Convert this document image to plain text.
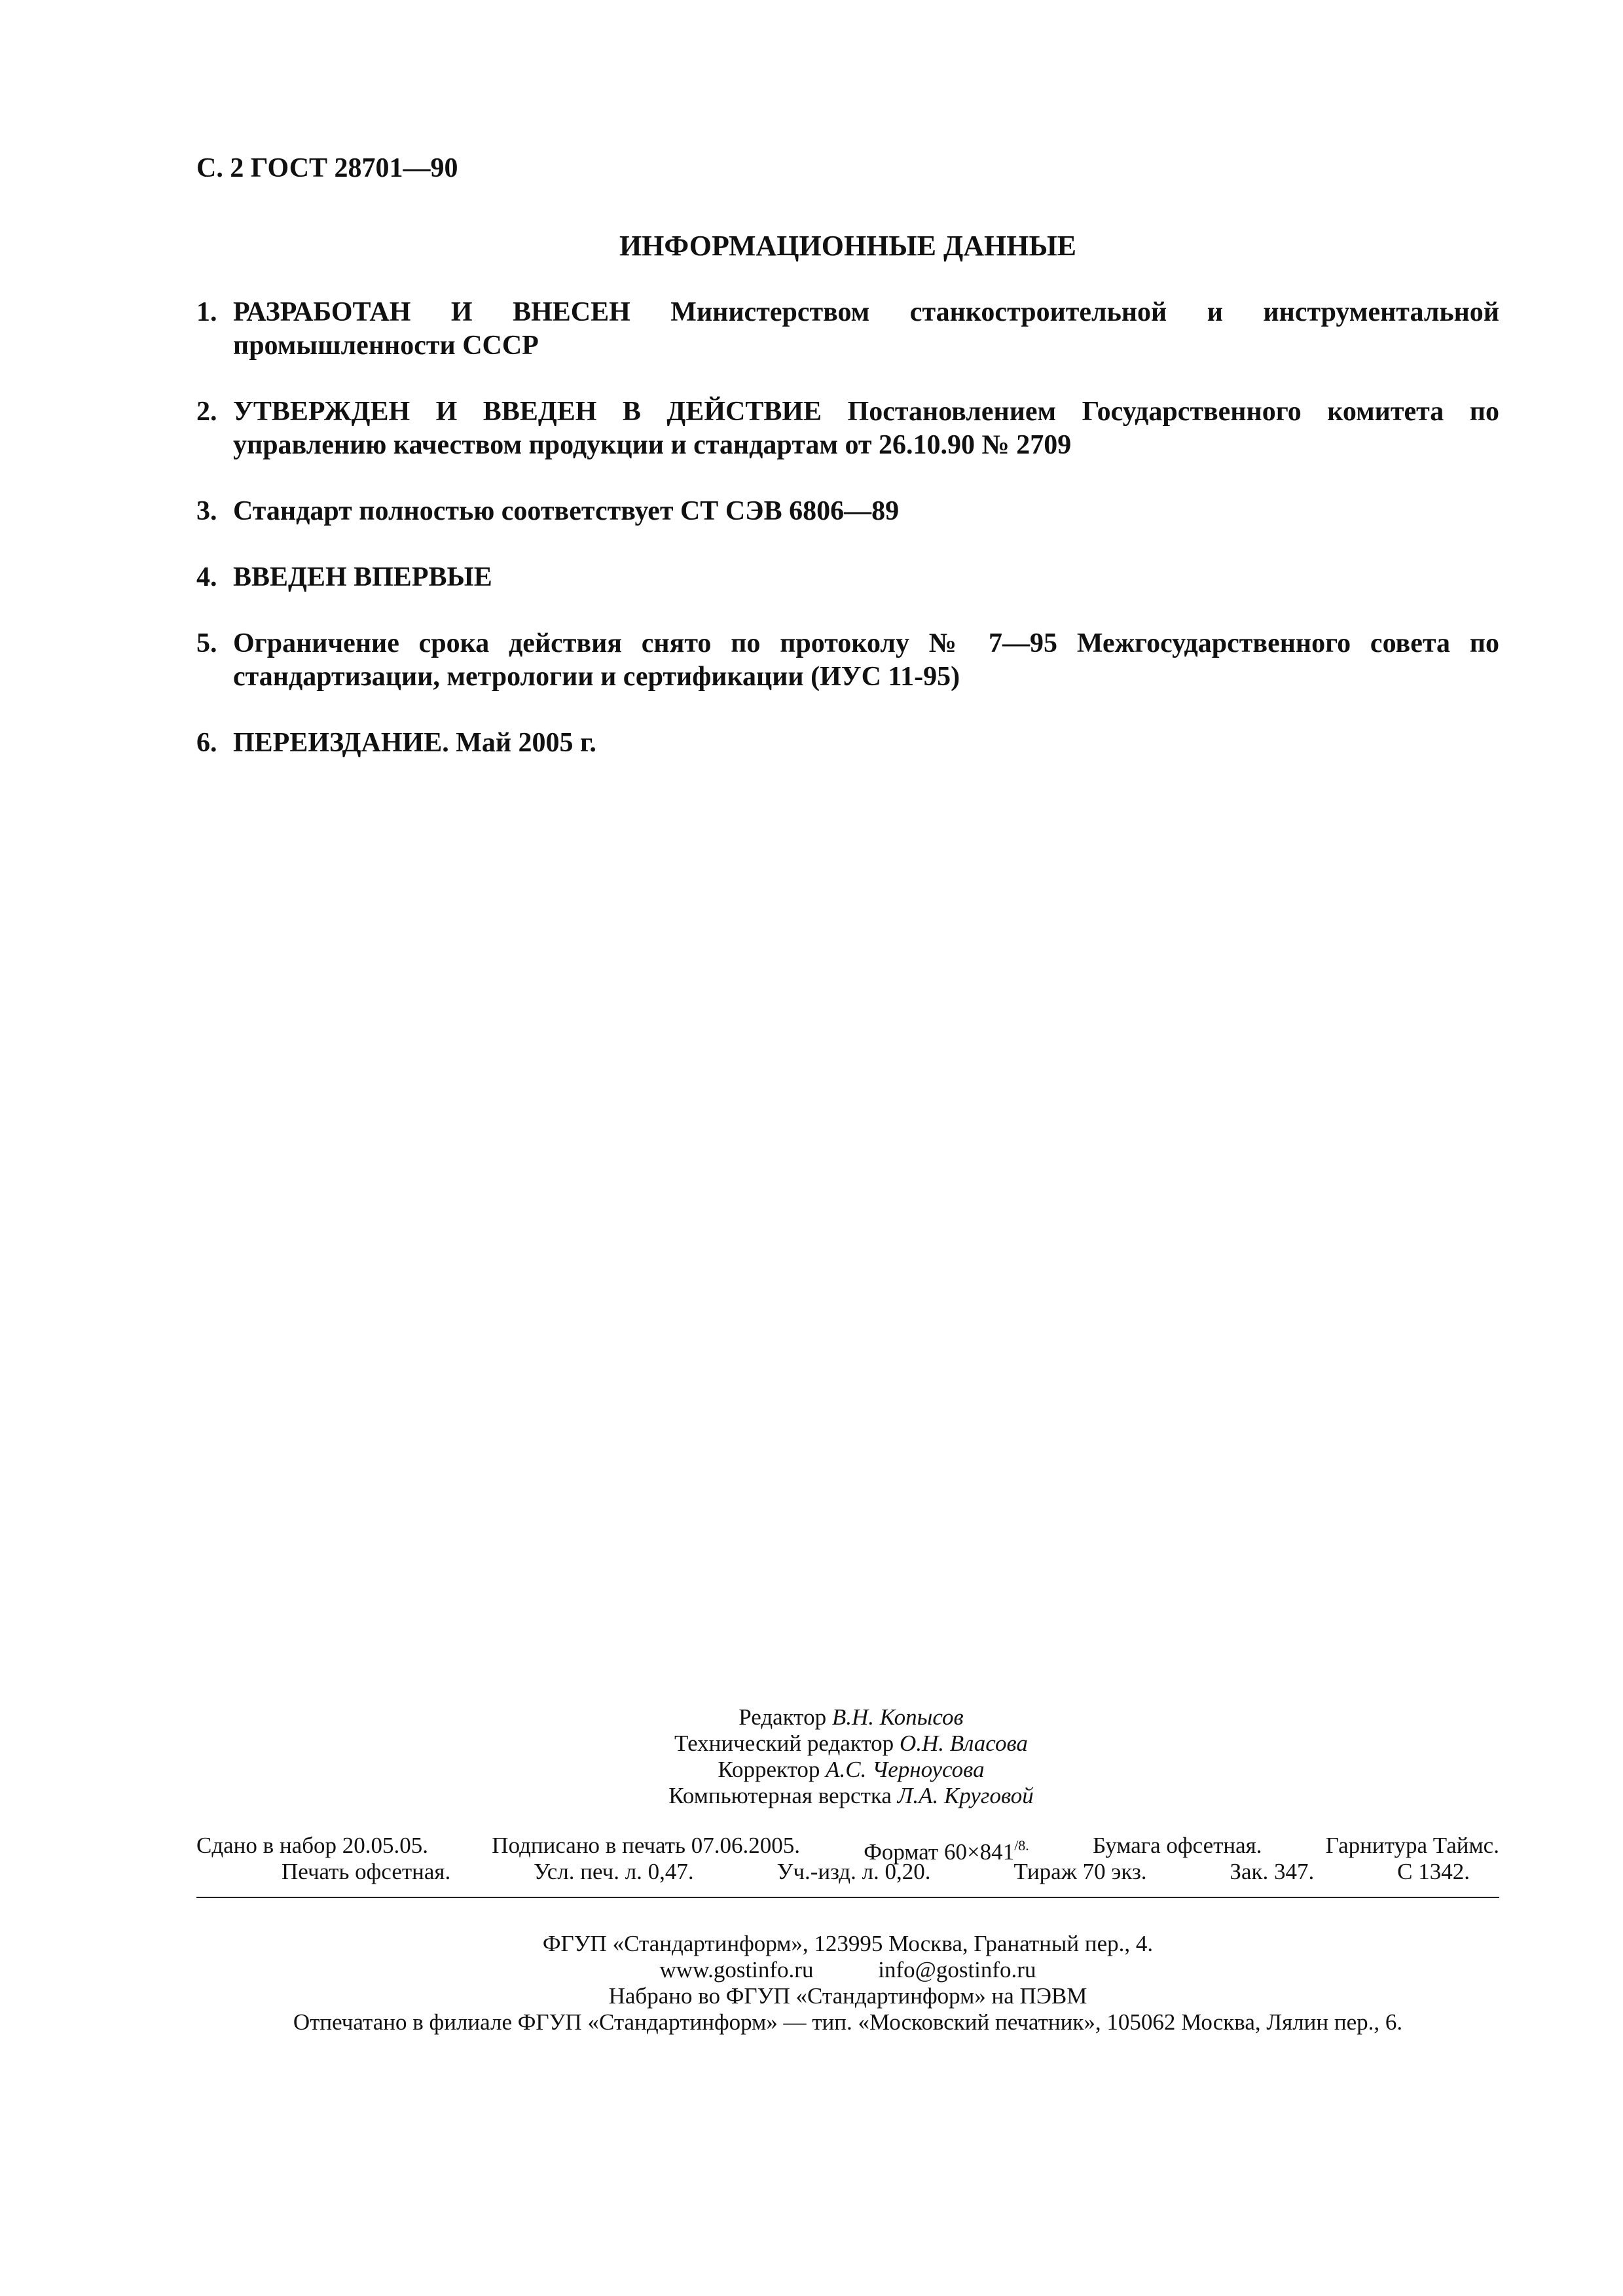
С. 2 ГОСТ 28701—90
ИНФОРМАЦИОННЫЕ ДАННЫЕ
1. РАЗРАБОТАН И ВНЕСЕН Министерством станкостроительной и инструментальной промышленности СССР
2. УТВЕРЖДЕН И ВВЕДЕН В ДЕЙСТВИЕ Постановлением Государственного комитета по управлению качеством продукции и стандартам от 26.10.90 № 2709
3. Стандарт полностью соответствует СТ СЭВ 6806—89
4. ВВЕДЕН ВПЕРВЫЕ
5. Ограничение срока действия снято по протоколу № 7—95 Межгосударственного совета по стандартизации, метрологии и сертификации (ИУС 11-95)
6. ПЕРЕИЗДАНИЕ. Май 2005 г.
Редактор В.Н. Копысов
Технический редактор О.Н. Власова
Корректор А.С. Черноусова
Компьютерная верстка Л.А. Круговой
Сдано в набор 20.05.05.	Подписано в печать 07.06.2005.	Формат $60\times 841^{/8.}$	Бумага офсетная.	Гарнитура Таймс.
Печать офсетная.	Усл. печ. л. 0,47.	Уч.-изд. л. 0,20.	Тираж 70 экз.	Зак. 347.	С 1342.
ФГУП «Стандартинформ», 123995 Москва, Гранатный пер., 4.
www.gostinfo.ru	info@gostinfo.ru
Набрано во ФГУП «Стандартинформ» на ПЭВМ
Отпечатано в филиале ФГУП «Стандартинформ» — тип. «Московский печатник», 105062 Москва, Лялин пер., 6.
